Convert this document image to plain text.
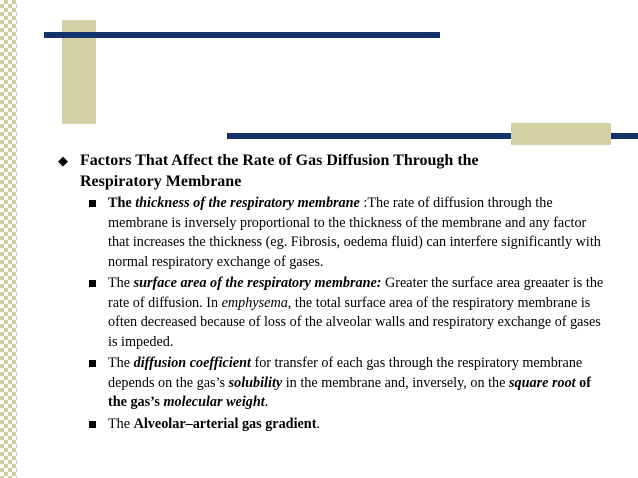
◆ Factors That Affect the Rate of Gas Diffusion Through the
Respiratory Membrane
The thickness of the respiratory membrane :The rate of diffusion through the membrane is inversely proportional to the thickness of the membrane and any factor that increases the thickness (eg. Fibrosis, oedema fluid) can interfere significantly with normal respiratory exchange of gases.
The surface area of the respiratory membrane: Greater the surface area greaater is the rate of diffusion. In emphysema, the total surface area of the respiratory membrane is often decreased because of loss of the alveolar walls and respiratory exchange of gases is impeded.
The diffusion coefficient for transfer of each gas through the respiratory membrane depends on the gas’s solubility in the membrane and, inversely, on the square root of the gas’s molecular weight.
The Alveolar–arterial gas gradient.
